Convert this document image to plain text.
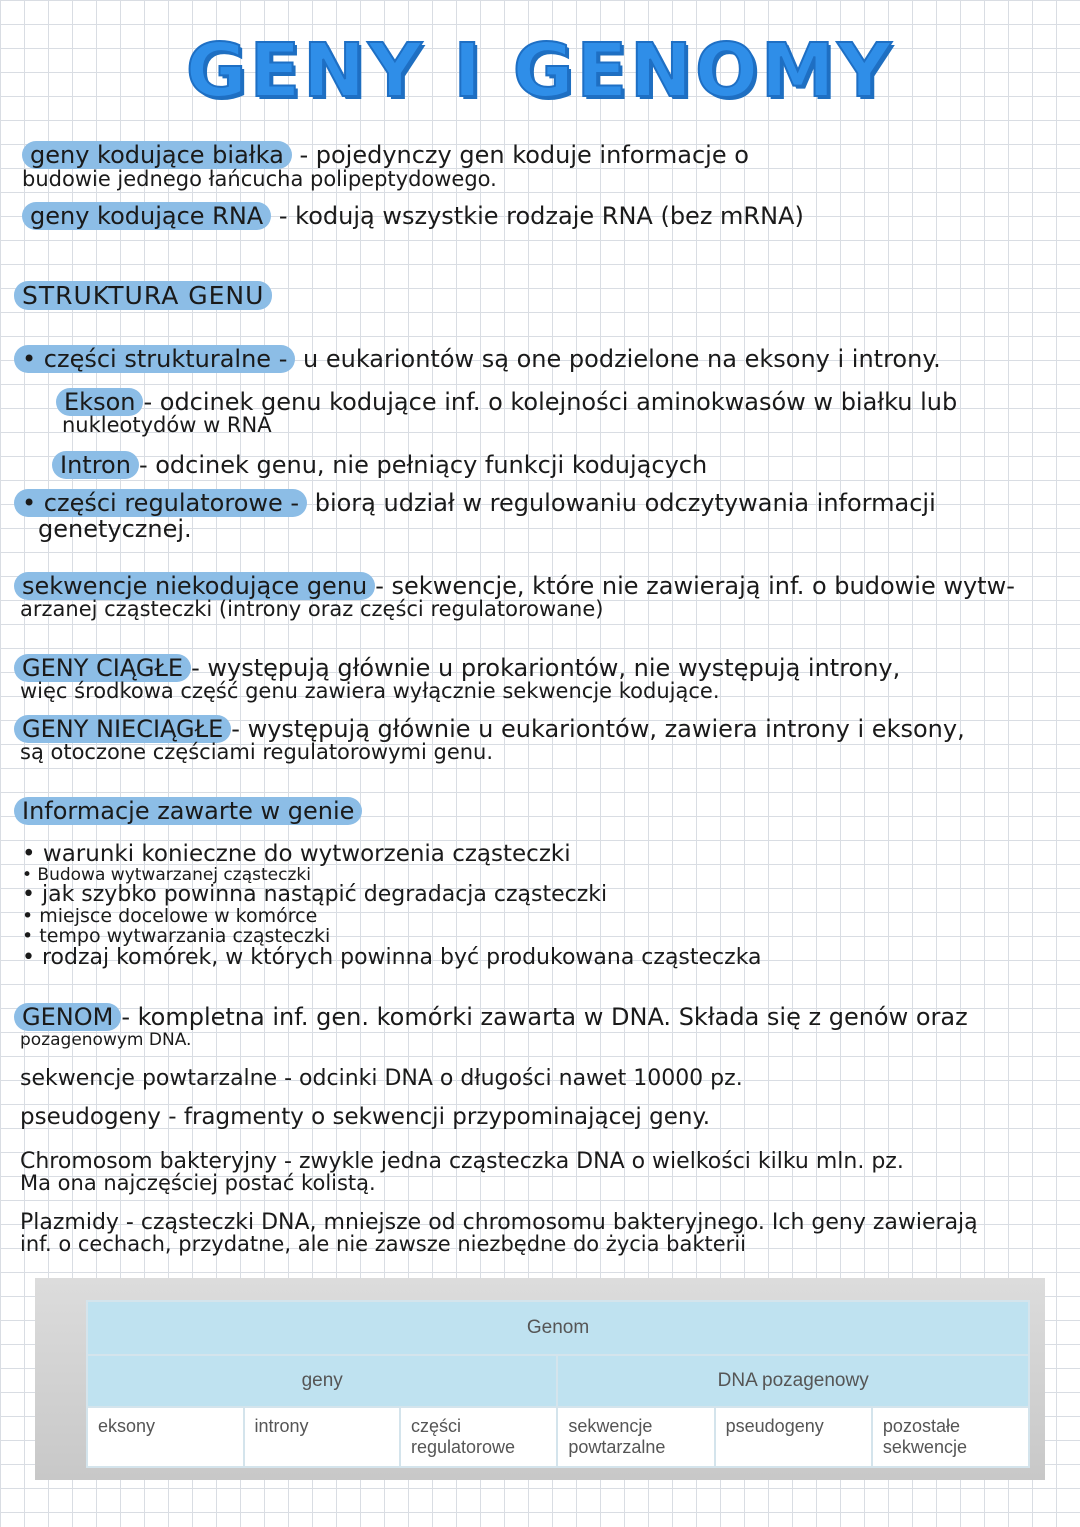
GENY I GENOMY
geny kodujące białka - pojedynczy gen koduje informacje o
budowie jednego łańcucha polipeptydowego.
geny kodujące RNA - kodują wszystkie rodzaje RNA (bez mRNA)
STRUKTURA GENU
• części strukturalne - u eukariontów są one podzielone na eksony i introny.
Ekson - odcinek genu kodujące inf. o kolejności aminokwasów w białku lub
nukleotydów w RNA
Intron - odcinek genu, nie pełniący funkcji kodujących
• części regulatorowe - biorą udział w regulowaniu odczytywania informacji
genetycznej.
sekwencje niekodujące genu - sekwencje, które nie zawierają inf. o budowie wytw-
arzanej cząsteczki (introny oraz części regulatorowane)
GENY CIĄGŁE - występują głównie u prokariontów, nie występują introny,
więc środkowa część genu zawiera wyłącznie sekwencje kodujące.
GENY NIECIĄGŁE - występują głównie u eukariontów, zawiera introny i eksony,
są otoczone częściami regulatorowymi genu.
Informacje zawarte w genie
• warunki konieczne do wytworzenia cząsteczki
• Budowa wytwarzanej cząsteczki
• jak szybko powinna nastąpić degradacja cząsteczki
• miejsce docelowe w komórce
• tempo wytwarzania cząsteczki
• rodzaj komórek, w których powinna być produkowana cząsteczka
GENOM - kompletna inf. gen. komórki zawarta w DNA. Składa się z genów oraz
pozagenowym DNA.
sekwencje powtarzalne - odcinki DNA o długości nawet 10000 pz.
pseudogeny - fragmenty o sekwencji przypominającej geny.
Chromosom bakteryjny - zwykle jedna cząsteczka DNA o wielkości kilku mln. pz.
Ma ona najczęściej postać kolistą.
Plazmidy - cząsteczki DNA, mniejsze od chromosomu bakteryjnego. Ich geny zawierają
inf. o cechach, przydatne, ale nie zawsze niezbędne do życia bakterii
Genom					
geny			DNA pozagenowy		
eksony	introny	części regulatorowe	sekwencje powtarzalne	pseudogeny	pozostałe sekwencje
